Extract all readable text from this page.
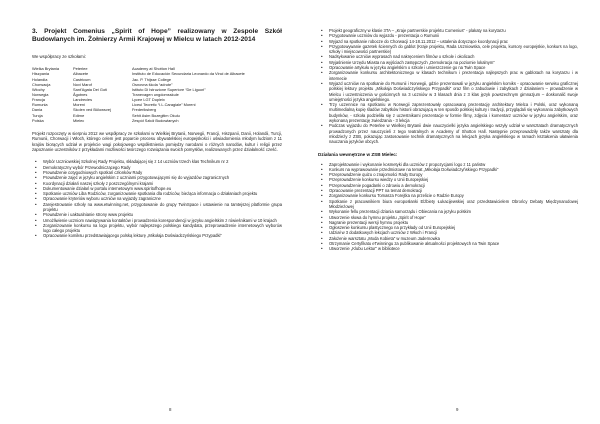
3. Projekt Comenius „Spirit of Hope” realizowany w Zespole Szkół Budowlanych im. Żołnierzy Armii Krajowej w Mielcu w latach 2012-2014

We współpracy ze szkołami:

Wielka Brytania	Peterlee	Academy at Shotton Hall
Hiszpania	Albacete	Instituto de Educación Secundaria Leonardo da Vinci de Albacete
Holandia	Castricum	Jac. P. Thijsse College
Chorwacja	Novi Marof	Osnovna škola “adrute”
Włochy	Sant'Agata Dei Goti	Istituto Di Istruzione Superiore “De Liguori”
Norwegia	Ågotnes	Tranevagen ungdomsskule
Francja	Landrecies	Lycee LGT Dupleix
Rumunia	Moreni	Liceul Teoretic “I.L.Caragiale” Moreni
Dania	Skolen ved Bülowsvej	Frederiksberg
Turcja	Edirne	Sehit Asim Bozegitim Okulu
Polska	Mielec	Zespół Szkół Budowlanych

Projekt rozpoczęty w sierpniu 2012 we współpracy ze szkołami w Wielkiej Brytanii, Norwegii, Francji, Hiszpanii, Danii, Holandii, Turcji, Rumunii, Chorwacji i Włoch, którego celem jest poparcie procesu obywatelskiej europejskości i uświadomienia młodym ludziom z 11 krajów biorących udział w projekcie wagi pokojowego współistnienia pomiędzy narodami o różnych narodów, kultur i religii przez zapoznanie uczestników z przykładami możliwości twórczego rozwiązania swoich pomysłów, realizowanych przez działalność cześć.

• Wybór Uczniowskiej Szkolnej Rady Projektu, składającej się z 14 uczniów trzech klas Technikum nr 2
• Demokratyczny wybór Przewodniczącego Rady
• Prowadzenie cotygodniowych spotkań członków Rady
• Prowadzenie zajęć w języku angielskim z uczniami przygotowującymi się do wyjazdów zagranicznych
• Koordynacji działań naszej szkoły z poszczególnymi krajami
• Dokumentowanie działań w portalu internetowym www.spiritofhope.eu
• Spotkanie uczniów Liba Rodziców, zorganizowanie spotkania dla rodziców, bieżąca informacja o działaniach projektu
• Opracowanie kryteriów wyboru uczniów na wyjazdy zagraniczne
• Zarejestrowanie szkoły na www.etwinning.net, przygotowanie do grupy TwinSpace i ustawienie na tamtejszej platformie grupa projektu
• Prowadzenie i uaktualnianie strony www projektu
• Umożliwienie uczniom nawiązywania kontaktów i prowadzenia korespondencji w języku angielskim z rówieśnikami w 10 krajach
• Zorganizowanie konkursu na logo projektu, wybór najlepszego polskiego kandydata, przeprowadzenie internetowych wyborów logo całego projektu
• Opracowanie komiksu przedstawiającego polską lekturę „Mikołaja Doświadczyńskiego Przypadki”
8
• Projekt geograficzny w klasie 3TA – „Kraje partnerskie projektu Comenius” - plakaty na korytarzu
• Przygotowanie uczniów do wyjazdu - prezentacja o Rumunii
• Wyjazd na spotkanie robocze do Chorwacji 14-18.11.2012 – ustalenia dotyczące koordynacji prac
• Przygotowywanie gazetek ściennych do gablot (Kraje projektu, Rada Uczniowska, cele projektu, kursory europejskie, konkurs na logo, szkoły i miejscowości partnerskie)
• Nadsyłowanie uczniów wyprasach nad nakręceniem filmów o szkole i okolicach
• Wyjaśnienie Urzędu Miasta na wyjściach zastępczych „Demokracja na poziomie lokalnym”
• Opracowanie artykułu w języku angielskim o szkole i umieszczenie go na Twin Space
• Zorganizowanie konkursu architektonicznego w klasach technikum i prezentacja najlepszych prac w gablotach na korytarzu i w internecie
• Wyjazd uczniów na spotkanie do Rumunii i Norwegii, gdzie prezentowali w języku angielskim komiks - opracowanie serwisu graficznej polskiej lektury projektu „Mikołaja Doświadczyńskiego Przypadki” oraz film o zabudowie i zabytkach z działaniem – prowadzenie w Mielcu i uczestniczenia w gościnnych na 3 uczniów w 3 klasach dnia z 3 klas język powszechnym gimnazjum – doskonalić swoje umiejętności języka angielskiego.
• Trzy uczennice na spotkaniu w Norwegii zaprezentowały opracowaną prezentację architektury Mielca i Polski, oraz wykonaną multimedialną kopię śladów zabytków historii obrazującą w ten sposób polskiej kultury i tradycji, przyglądali się wykonaniu zabytkowych budynków, - szkoła podzieliła się z uczestnikami prezentacje w formie filmy, zdjęcia i komentarz uczniów w języku angielskim, oraz wykonaną prezentację zwiedzania - 3 lekcja
• Podczas wyjazdu do Peterlee w Wielkiej Brytanii dwie nauczycielki języka angielskiego wszyły udział w warsztatach dramatycznych prowadzonych przez nauczycieli z tego teatralnych w Academy of Shotton Hall. Następnie przeprowadziły także warsztaty dla młodzieży z ZSB, pokazując zastosowanie technik dramatycznych na lekcjach języka angielskiego w ramach kształcenia ułatwienia nauczania języków obcych.
Działania wewnętrzne w ZSB Mielec:
• Zaprojektowanie i wykonanie kosmetyki dla uczniów z propozycjami logo z 11 państw
• Konkurs na wyprawowanie przedmiotowe na temat „Mikołaja Doświadczyńskiego Przypadki”
• Przeprowadzenie quizu o znajomości Rady Europy
• Przeprowadzenie konkursu wiedzy o Unii Europejskiej
• Przeprowadzenie pogadanki o zdrowiu a demokracji
• Opracowanie prezentacji PPT na temat demokracji
• Zorganizowanie konkursu Tomasza Forejtka na przelicie o Radzie Europy
• Spotkanie z pracownikiem biura europosłanki Elżbiety Łukacijewskiej oraz przedstawicielem Obrońcy Debaty Międzynarodowej Młodzieżowej
• Wykonanie fellu prezentacji dziania samorządu i Obiecania na języku polskim
• Utworzenie słowa do hymnu projektu „Spirit of Hope”
• Nagranie prezentacji wersji hymnu projektu
• Ogłoszenie konkursu plastycznego na przykłady od Unii Europejskiej
• Udział w 3 dodatkowych lekcjach uczniów z Włoch i Francji
• Założenie warsztatu „Moda Kobieta” w muzeum Jadernowka
• Otrzymanie Certyfikatu eTwinningu za publikowanie aktualności projektowych na Twin Space
• Utworzenie „Klubu Lektur” w bibliotece
9
